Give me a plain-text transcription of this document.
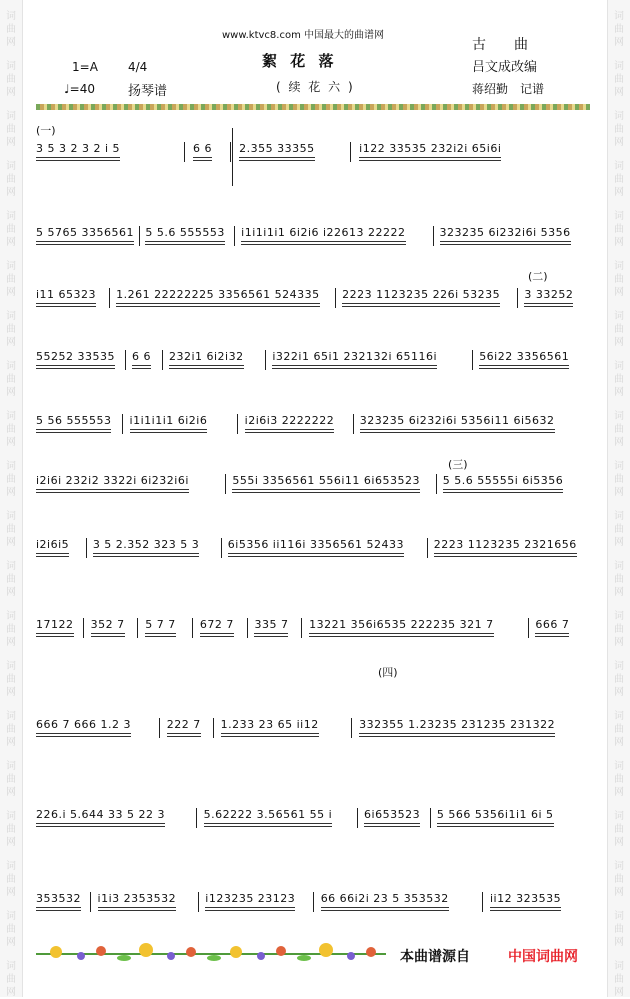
www.ktvc8.com 中国最大的曲谱网
絮 花 落
( 续 花 六 )
1=A	4/4
♩=40	扬琴谱
古　　曲
吕文成改编
蒋绍勤　记谱
(一)
(二)
(三)
(四)
3 5 3 2 3 2 i 5	6 6 2.355 33355	i122 33535 232i2i 65i6i
5 5765 3356561 5 5.6 555553 i1i1i1i1 6i2i6 i22613 22222	323235 6i232i6i 5356
i11 65323 1.261 22222225 3356561 524335 2223 1123235 226i 53235 3 33252
55252 33535 6 6 232i1 6i2i32	i322i1 65i1 232132i 65116i	56i22 3356561
5 56 555553 i1i1i1i1 6i2i6	i2i6i3 2222222 323235 6i232i6i 5356i11 6i5632
i2i6i 232i2 3322i 6i232i6i	555i 3356561 556i11 6i653523 5 5.6 55555i 6i5356
i2i6i5 3 5 2.352 323 5 3	6i5356 ii116i 3356561 52433	2223 1123235 2321656
17122 352 7 5 7 7 672 7 335 7 13221 356i6535 222235 321 7	666 7
666 7 666 1.2 3	222 7 1.233 23 65 ii12	332355 1.23235 231235 231322
226.i 5.644 33 5 22 3	5.62222 3.56561 55 i	6i653523 5 566 5356i1i1 6i 5
353532 i1i3 2353532	i123235 23123 66 66i2i 23 5 353532	ii12 323535
本曲谱源自	中国词曲网
词
曲
网
词
曲
网
词
曲
网
词
曲
网
词
曲
网
词
曲
网
词
曲
网
词
曲
网
词
曲
网
词
曲
网
词
曲
网
词
曲
网
词
曲
网
词
曲
网
词
曲
网
词
曲
网
词
曲
网
词
曲
网
词
曲
网
词
曲
网
词
曲
网
词
曲
网
词
曲
网
词
曲
网
词
曲
网
词
曲
网
词
曲
网
词
曲
网
词
曲
网
词
曲
网
词
曲
网
词
曲
网
词
曲
网
词
曲
网
词
曲
网
词
曲
网
词
曲
网
词
曲
网
词
曲
网
词
曲
网
